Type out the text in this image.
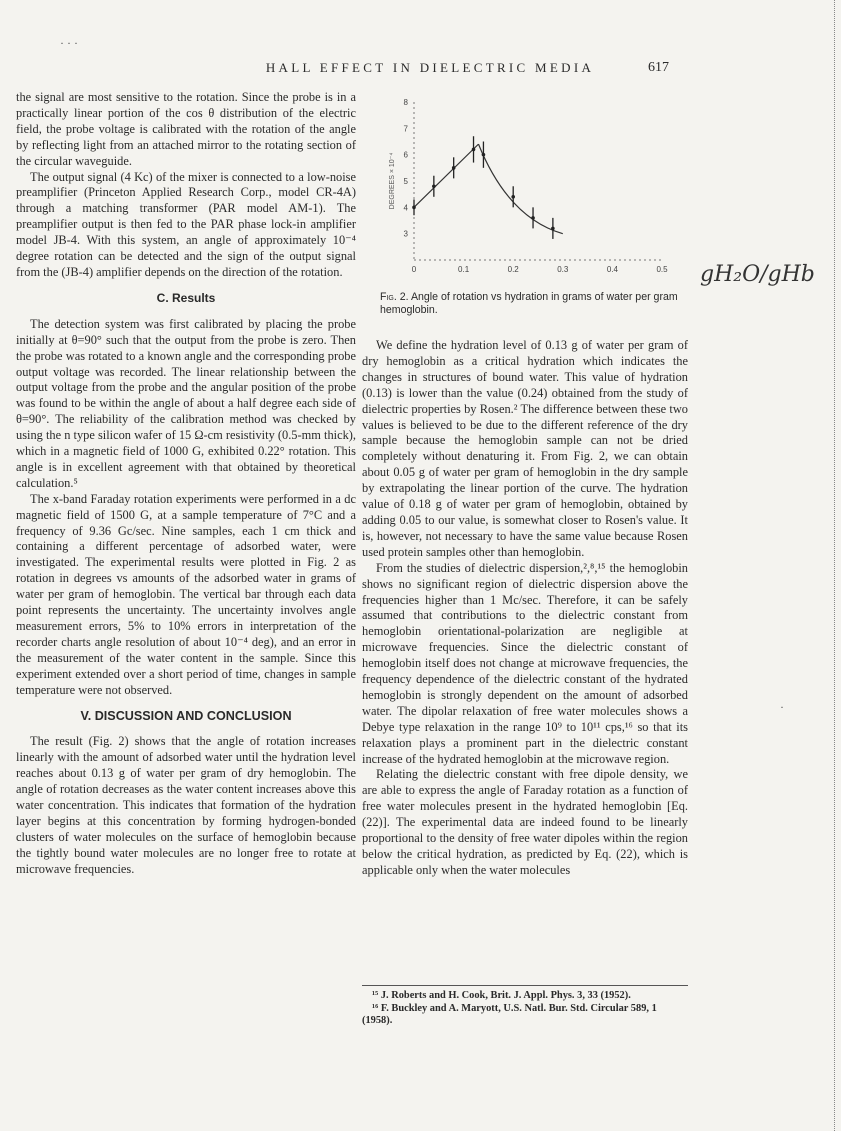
HALL EFFECT IN DIELECTRIC MEDIA	617

the signal are most sensitive to the rotation. Since the probe is in a practically linear portion of the cos θ distribution of the electric field, the probe voltage is calibrated with the rotation of the angle by reflecting light from an attached mirror to the rotating section of the circular waveguide.

The output signal (4 Kc) of the mixer is connected to a low-noise preamplifier (Princeton Applied Research Corp., model CR-4A) through a matching transformer (PAR model AM-1). The preamplifier output is then fed to the PAR phase lock-in amplifier model JB-4. With this system, an angle of approximately 10⁻⁴ degree rotation can be detected and the sign of the output signal from the (JB-4) amplifier depends on the direction of the rotation.

C. Results

The detection system was first calibrated by placing the probe initially at θ=90° such that the output from the probe is zero. Then the probe was rotated to a known angle and the corresponding probe output voltage was recorded. The linear relationship between the output voltage from the probe and the angular position of the probe was found to be within the angle of about a half degree each side of θ=90°. The reliability of the calibration method was checked by using the n type silicon wafer of 15 Ω-cm resistivity (0.5-mm thick), which in a magnetic field of 1000 G, exhibited 0.22° rotation. This angle is in excellent agreement with that obtained by theoretical calculation.⁵

The x-band Faraday rotation experiments were performed in a dc magnetic field of 1500 G, at a sample temperature of 7°C and a frequency of 9.36 Gc/sec. Nine samples, each 1 cm thick and containing a different percentage of adsorbed water, were investigated. The experimental results were plotted in Fig. 2 as rotation in degrees vs amounts of the adsorbed water in grams of water per gram of hemoglobin. The vertical bar through each data point represents the uncertainty. The uncertainty involves angle measurement errors, 5% to 10% errors in interpretation of the recorder charts angle resolution of about 10⁻⁴ deg), and an error in the measurement of the water content in the sample. Since this experiment extended over a short period of time, changes in sample temperature were not observed.

V. DISCUSSION AND CONCLUSION

The result (Fig. 2) shows that the angle of rotation increases linearly with the amount of adsorbed water until the hydration level reaches about 0.13 g of water per gram of dry hemoglobin. The angle of rotation decreases as the water content increases above this water concentration. This indicates that formation of the hydration layer begins at this concentration by forming hydrogen-bonded clusters of water molecules on the surface of hemoglobin because the tightly bound water molecules are no longer free to rotate at microwave frequencies.

3
4
5
6
7
8
0	0.1	0.2	0.3	0.4	0.5
DEGREES × 10⁻⁴
Fig. 2. Angle of rotation vs hydration in grams of water per gram hemoglobin.
gH₂O/gHb

We define the hydration level of 0.13 g of water per gram of dry hemoglobin as a critical hydration which indicates the changes in structures of bound water. This value of hydration (0.13) is lower than the value (0.24) obtained from the study of dielectric properties by Rosen.² The difference between these two values is believed to be due to the different reference of the dry sample because the hemoglobin sample can not be dried completely without denaturing it. From Fig. 2, we can obtain about 0.05 g of water per gram of hemoglobin in the dry sample by extrapolating the linear portion of the curve. The hydration value of 0.18 g of water per gram of hemoglobin, obtained by adding 0.05 to our value, is somewhat closer to Rosen's value. It is, however, not necessary to have the same value because Rosen used protein samples other than hemoglobin.

From the studies of dielectric dispersion,²,⁸,¹⁵ the hemoglobin shows no significant region of dielectric dispersion above the frequencies higher than 1 Mc/sec. Therefore, it can be safely assumed that contributions to the dielectric constant from hemoglobin orientational-polarization are negligible at microwave frequencies. Since the dielectric constant of hemoglobin itself does not change at microwave frequencies, the frequency dependence of the dielectric constant of the hydrated hemoglobin is strongly dependent on the amount of adsorbed water. The dipolar relaxation of free water molecules shows a Debye type relaxation in the range 10⁹ to 10¹¹ cps,¹⁶ so that its relaxation plays a prominent part in the dielectric constant increase of the hydrated hemoglobin at the microwave region.

Relating the dielectric constant with free dipole density, we are able to express the angle of Faraday rotation as a function of free water molecules present in the hydrated hemoglobin [Eq. (22)]. The experimental data are indeed found to be linearly proportional to the density of free water dipoles within the region below the critical hydration, as predicted by Eq. (22), which is applicable only when the water molecules

¹⁵ J. Roberts and H. Cook, Brit. J. Appl. Phys. 3, 33 (1952).

¹⁶ F. Buckley and A. Maryott, U.S. Natl. Bur. Std. Circular 589, 1 (1958).

· · ·
·
